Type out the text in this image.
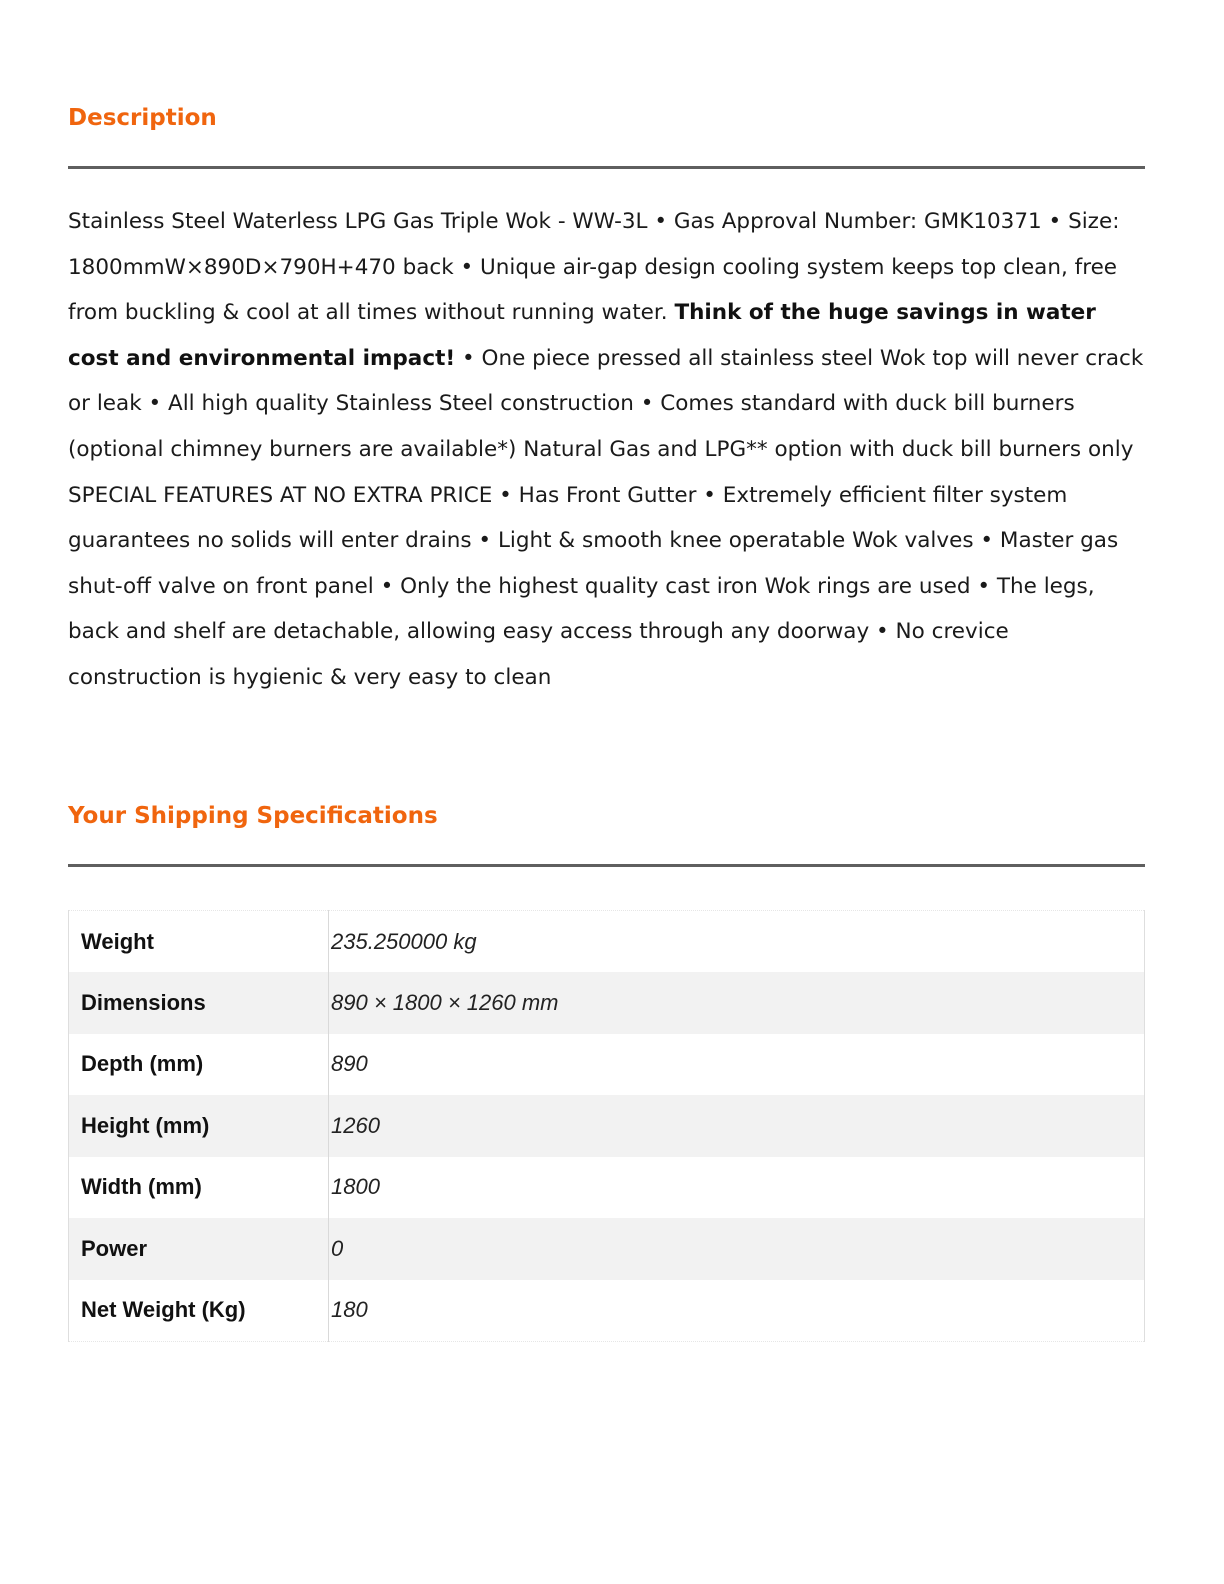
Description

Stainless Steel Waterless LPG Gas Triple Wok - WW-3L • Gas Approval Number: GMK10371 • Size: 1800mmW×890D×790H+470 back • Unique air-gap design cooling system keeps top clean, free from buckling & cool at all times without running water. Think of the huge savings in water cost and environmental impact! • One piece pressed all stainless steel Wok top will never crack or leak • All high quality Stainless Steel construction • Comes standard with duck bill burners (optional chimney burners are available*) Natural Gas and LPG** option with duck bill burners only SPECIAL FEATURES AT NO EXTRA PRICE • Has Front Gutter • Extremely efficient filter system guarantees no solids will enter drains • Light & smooth knee operatable Wok valves • Master gas shut-off valve on front panel • Only the highest quality cast iron Wok rings are used • The legs, back and shelf are detachable, allowing easy access through any doorway • No crevice construction is hygienic & very easy to clean

Your Shipping Specifications
Weight	235.250000 kg
Dimensions	890 × 1800 × 1260 mm
Depth (mm)	890
Height (mm)	1260
Width (mm)	1800
Power	0
Net Weight (Kg)	180
